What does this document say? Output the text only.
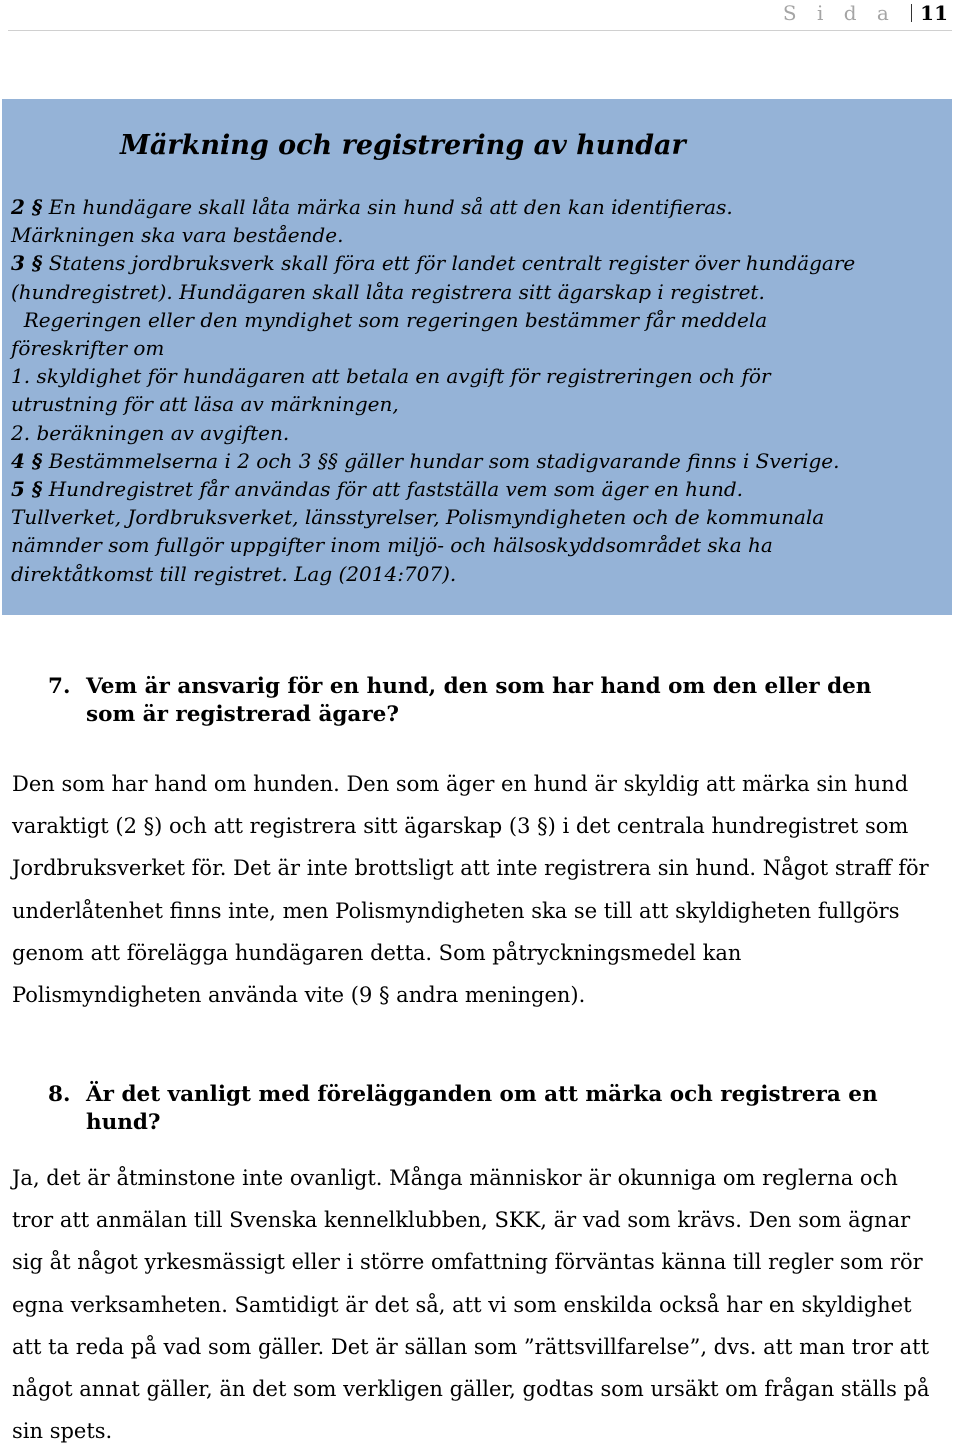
S i d a 11
Märkning och registrering av hundar
2 § En hundägare skall låta märka sin hund så att den kan identifieras.
Märkningen ska vara bestående.
3 § Statens jordbruksverk skall föra ett för landet centralt register över hundägare
(hundregistret). Hundägaren skall låta registrera sitt ägarskap i registret.
Regeringen eller den myndighet som regeringen bestämmer får meddela
föreskrifter om
1. skyldighet för hundägaren att betala en avgift för registreringen och för
utrustning för att läsa av märkningen,
2. beräkningen av avgiften.
4 § Bestämmelserna i 2 och 3 §§ gäller hundar som stadigvarande finns i Sverige.
5 § Hundregistret får användas för att fastställa vem som äger en hund.
Tullverket, Jordbruksverket, länsstyrelser, Polismyndigheten och de kommunala
nämnder som fullgör uppgifter inom miljö- och hälsoskyddsområdet ska ha
direktåtkomst till registret. Lag (2014:707).
7. Vem är ansvarig för en hund, den som har hand om den eller den som är registrerad ägare?
Den som har hand om hunden. Den som äger en hund är skyldig att märka sin hund
varaktigt (2 §) och att registrera sitt ägarskap (3 §) i det centrala hundregistret som
Jordbruksverket för. Det är inte brottsligt att inte registrera sin hund. Något straff för
underlåtenhet finns inte, men Polismyndigheten ska se till att skyldigheten fullgörs
genom att förelägga hundägaren detta. Som påtryckningsmedel kan
Polismyndigheten använda vite (9 § andra meningen).
8. Är det vanligt med förelägganden om att märka och registrera en hund?
Ja, det är åtminstone inte ovanligt. Många människor är okunniga om reglerna och
tror att anmälan till Svenska kennelklubben, SKK, är vad som krävs. Den som ägnar
sig åt något yrkesmässigt eller i större omfattning förväntas känna till regler som rör
egna verksamheten. Samtidigt är det så, att vi som enskilda också har en skyldighet
att ta reda på vad som gäller. Det är sällan som ”rättsvillfarelse”, dvs. att man tror att
något annat gäller, än det som verkligen gäller, godtas som ursäkt om frågan ställs på
sin spets.
